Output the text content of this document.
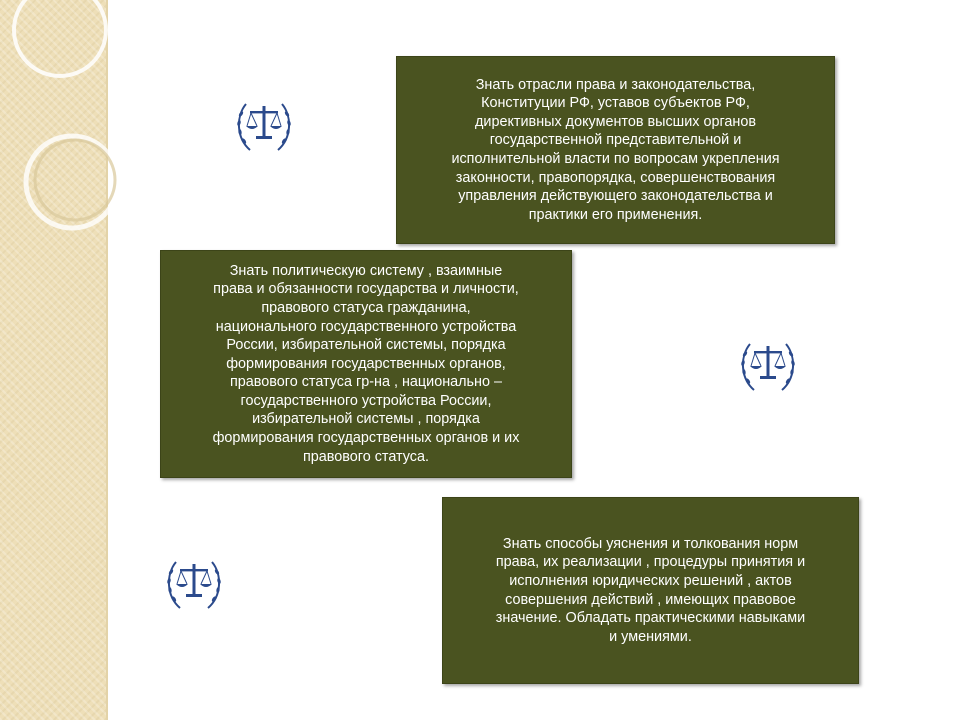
Знать отрасли права и законодательства,
Конституции РФ, уставов субъектов РФ,
директивных документов высших органов
государственной представительной и
исполнительной власти по вопросам укрепления
законности, правопорядка, совершенствования
управления действующего законодательства и
практики его применения.
Знать политическую систему , взаимные
права и обязанности государства и личности,
правового статуса гражданина,
национального государственного устройства
России, избирательной системы, порядка
формирования государственных органов,
правового статуса гр-на , национально –
государственного устройства России,
избирательной системы , порядка
формирования государственных органов и их
правового статуса.
Знать способы уяснения и толкования норм
права, их реализации , процедуры принятия и
исполнения юридических решений , актов
совершения действий , имеющих правовое
значение. Обладать практическими навыками
и умениями.
